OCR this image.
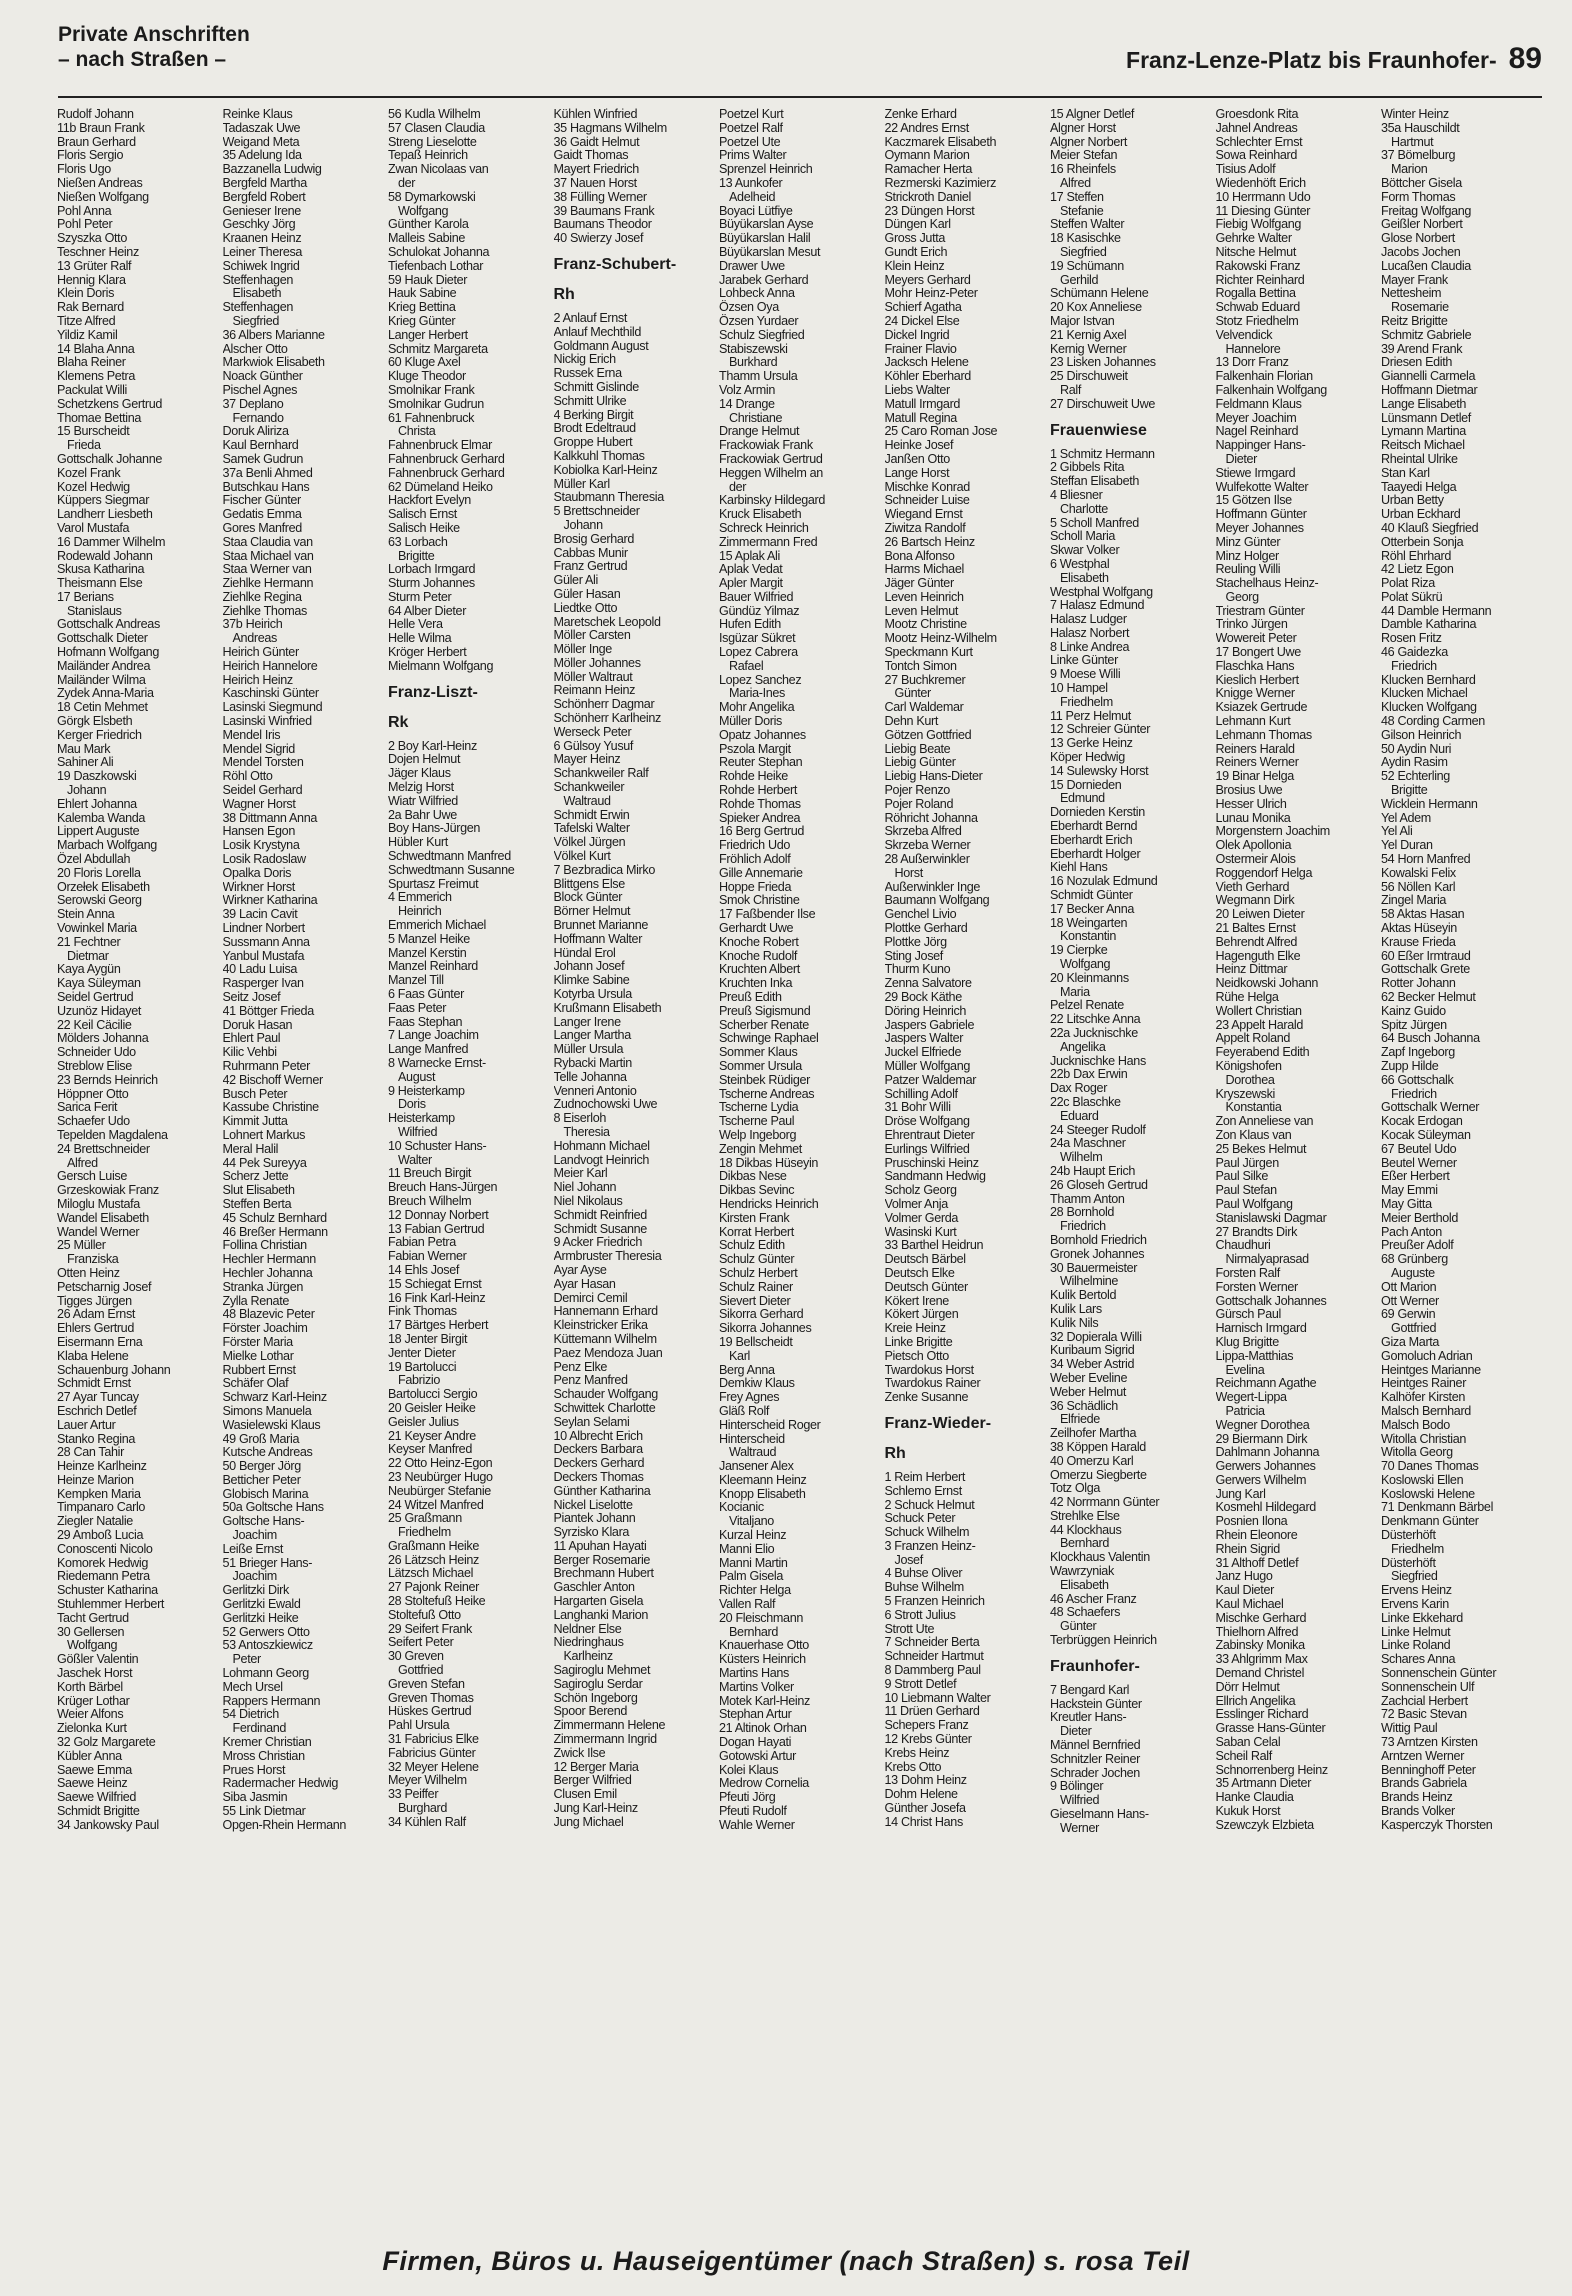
Private Anschriften
– nach Straßen –	Franz-Lenze-Platz bis Fraunhofer- 89
Rudolf Johann
11b Braun Frank
Braun Gerhard
Floris Sergio
Floris Ugo
Nießen Andreas
Nießen Wolfgang
Pohl Anna
Pohl Peter
Szyszka Otto
Teschner Heinz
13 Grüter Ralf
Hennig Klara
Klein Doris
Rak Bernard
Titze Alfred
Yildiz Kamil
14 Blaha Anna
Blaha Reiner
Klemens Petra
Packulat Willi
Schetzkens Gertrud
Thomae Bettina
15 Burscheidt
Frieda
Gottschalk Johanne
Kozel Frank
Kozel Hedwig
Küppers Siegmar
Landherr Liesbeth
Varol Mustafa
16 Dammer Wilhelm
Rodewald Johann
Skusa Katharina
Theismann Else
17 Berians
Stanislaus
Gottschalk Andreas
Gottschalk Dieter
Hofmann Wolfgang
Mailänder Andrea
Mailänder Wilma
Zydek Anna-Maria
18 Cetin Mehmet
Görgk Elsbeth
Kerger Friedrich
Mau Mark
Sahiner Ali
19 Daszkowski
Johann
Ehlert Johanna
Kalemba Wanda
Lippert Auguste
Marbach Wolfgang
Özel Abdullah
20 Floris Lorella
Orzełek Elisabeth
Serowski Georg
Stein Anna
Vowinkel Maria
21 Fechtner
Dietmar
Kaya Aygün
Kaya Süleyman
Seidel Gertrud
Uzunöz Hidayet
22 Keil Cäcilie
Mölders Johanna
Schneider Udo
Streblow Elise
23 Bernds Heinrich
Höppner Otto
Sarica Ferit
Schaefer Udo
Tepelden Magdalena
24 Brettschneider
Alfred
Gersch Luise
Grzeskowiak Franz
Miloglu Mustafa
Wandel Elisabeth
Wandel Werner
25 Müller
Franziska
Otten Heinz
Petscharnig Josef
Tigges Jürgen
26 Adam Ernst
Ehlers Gertrud
Eisermann Erna
Klaba Helene
Schauenburg Johann
Schmidt Ernst
27 Ayar Tuncay
Eschrich Detlef
Lauer Artur
Stanko Regina
28 Can Tahir
Heinze Karlheinz
Heinze Marion
Kempken Maria
Timpanaro Carlo
Ziegler Natalie
29 Amboß Lucia
Conoscenti Nicolo
Komorek Hedwig
Riedemann Petra
Schuster Katharina
Stuhlemmer Herbert
Tacht Gertrud
30 Gellersen
Wolfgang
Gößler Valentin
Jaschek Horst
Korth Bärbel
Krüger Lothar
Weier Alfons
Zielonka Kurt
32 Golz Margarete
Kübler Anna
Saewe Emma
Saewe Heinz
Saewe Wilfried
Schmidt Brigitte
34 Jankowsky Paul
Reinke Klaus
Tadaszak Uwe
Weigand Meta
35 Adelung Ida
Bazzanella Ludwig
Bergfeld Martha
Bergfeld Robert
Genieser Irene
Geschky Jörg
Kraanen Heinz
Leiner Theresa
Schiwek Ingrid
Steffenhagen
Elisabeth
Steffenhagen
Siegfried
36 Albers Marianne
Alscher Otto
Markwiok Elisabeth
Noack Günther
Pischel Agnes
37 Deplano
Fernando
Doruk Aliriza
Kaul Bernhard
Samek Gudrun
37a Benli Ahmed
Butschkau Hans
Fischer Günter
Gedatis Emma
Gores Manfred
Staa Claudia van
Staa Michael van
Staa Werner van
Ziehlke Hermann
Ziehlke Regina
Ziehlke Thomas
37b Heirich
Andreas
Heirich Günter
Heirich Hannelore
Heirich Heinz
Kaschinski Günter
Lasinski Siegmund
Lasinski Winfried
Mendel Iris
Mendel Sigrid
Mendel Torsten
Röhl Otto
Seidel Gerhard
Wagner Horst
38 Dittmann Anna
Hansen Egon
Losik Krystyna
Losik Radoslaw
Opalka Doris
Wirkner Horst
Wirkner Katharina
39 Lacin Cavit
Lindner Norbert
Sussmann Anna
Yanbul Mustafa
40 Ladu Luisa
Rasperger Ivan
Seitz Josef
41 Böttger Frieda
Doruk Hasan
Ehlert Paul
Kilic Vehbi
Ruhrmann Peter
42 Bischoff Werner
Busch Peter
Kassube Christine
Kimmit Jutta
Lohnert Markus
Meral Halil
44 Pek Sureyya
Scherz Jette
Slut Elisabeth
Steffen Berta
45 Schulz Bernhard
46 Breßer Hermann
Follina Christian
Hechler Hermann
Hechler Johanna
Stranka Jürgen
Zylla Renate
48 Blazevic Peter
Förster Joachim
Förster Maria
Mielke Lothar
Rubbert Ernst
Schäfer Olaf
Schwarz Karl-Heinz
Simons Manuela
Wasielewski Klaus
49 Groß Maria
Kutsche Andreas
50 Berger Jörg
Betticher Peter
Globisch Marina
50a Goltsche Hans
Goltsche Hans-
Joachim
Leiße Ernst
51 Brieger Hans-
Joachim
Gerlitzki Dirk
Gerlitzki Ewald
Gerlitzki Heike
52 Gerwers Otto
53 Antoszkiewicz
Peter
Lohmann Georg
Mech Ursel
Rappers Hermann
54 Dietrich
Ferdinand
Kremer Christian
Mross Christian
Prues Horst
Radermacher Hedwig
Siba Jasmin
55 Link Dietmar
Opgen-Rhein Hermann
56 Kudla Wilhelm
57 Clasen Claudia
Streng Lieselotte
Tepaß Heinrich
Zwan Nicolaas van
der
58 Dymarkowski
Wolfgang
Günther Karola
Malleis Sabine
Schulokat Johanna
Tiefenbach Lothar
59 Hauk Dieter
Hauk Sabine
Krieg Bettina
Krieg Günter
Langer Herbert
Schmitz Margareta
60 Kluge Axel
Kluge Theodor
Smolnikar Frank
Smolnikar Gudrun
61 Fahnenbruck
Christa
Fahnenbruck Elmar
Fahnenbruck Gerhard
Fahnenbruck Gerhard
62 Dümeland Heiko
Hackfort Evelyn
Salisch Ernst
Salisch Heike
63 Lorbach
Brigitte
Lorbach Irmgard
Sturm Johannes
Sturm Peter
64 Alber Dieter
Helle Vera
Helle Wilma
Kröger Herbert
Mielmann Wolfgang
Franz-Liszt-
Rk
2 Boy Karl-Heinz
Dojen Helmut
Jäger Klaus
Melzig Horst
Wiatr Wilfried
2a Bahr Uwe
Boy Hans-Jürgen
Hübler Kurt
Schwedtmann Manfred
Schwedtmann Susanne
Spurtasz Freimut
4 Emmerich
Heinrich
Emmerich Michael
5 Manzel Heike
Manzel Kerstin
Manzel Reinhard
Manzel Till
6 Faas Günter
Faas Peter
Faas Stephan
7 Lange Joachim
Lange Manfred
8 Warnecke Ernst-
August
9 Heisterkamp
Doris
Heisterkamp
Wilfried
10 Schuster Hans-
Walter
11 Breuch Birgit
Breuch Hans-Jürgen
Breuch Wilhelm
12 Donnay Norbert
13 Fabian Gertrud
Fabian Petra
Fabian Werner
14 Ehls Josef
15 Schiegat Ernst
16 Fink Karl-Heinz
Fink Thomas
17 Bärtges Herbert
18 Jenter Birgit
Jenter Dieter
19 Bartolucci
Fabrizio
Bartolucci Sergio
20 Geisler Heike
Geisler Julius
21 Keyser Andre
Keyser Manfred
22 Otto Heinz-Egon
23 Neubürger Hugo
Neubürger Stefanie
24 Witzel Manfred
25 Graßmann
Friedhelm
Graßmann Heike
26 Lätzsch Heinz
Lätzsch Michael
27 Pajonk Reiner
28 Stoltefuß Heike
Stoltefuß Otto
29 Seifert Frank
Seifert Peter
30 Greven
Gottfried
Greven Stefan
Greven Thomas
Hüskes Gertrud
Pahl Ursula
31 Fabricius Elke
Fabricius Günter
32 Meyer Helene
Meyer Wilhelm
33 Peiffer
Burghard
34 Kühlen Ralf
Kühlen Winfried
35 Hagmans Wilhelm
36 Gaidt Helmut
Gaidt Thomas
Mayert Friedrich
37 Nauen Horst
38 Fülling Werner
39 Baumans Frank
Baumans Theodor
40 Swierzy Josef
Franz-Schubert-
Rh
2 Anlauf Ernst
Anlauf Mechthild
Goldmann August
Nickig Erich
Russek Erna
Schmitt Gislinde
Schmitt Ulrike
4 Berking Birgit
Brodt Edeltraud
Groppe Hubert
Kalkkuhl Thomas
Kobiolka Karl-Heinz
Müller Karl
Staubmann Theresia
5 Brettschneider
Johann
Brosig Gerhard
Cabbas Munir
Franz Gertrud
Güler Ali
Güler Hasan
Liedtke Otto
Maretschek Leopold
Möller Carsten
Möller Inge
Möller Johannes
Möller Waltraut
Reimann Heinz
Schönherr Dagmar
Schönherr Karlheinz
Werseck Peter
6 Gülsoy Yusuf
Mayer Heinz
Schankweiler Ralf
Schankweiler
Waltraud
Schmidt Erwin
Tafelski Walter
Völkel Jürgen
Völkel Kurt
7 Bezbradica Mirko
Blittgens Else
Block Günter
Börner Helmut
Brunnet Marianne
Hoffmann Walter
Hündal Erol
Johann Josef
Klimke Sabine
Kotyrba Ursula
Krußmann Elisabeth
Langer Irene
Langer Martha
Müller Ursula
Rybacki Martin
Telle Johanna
Venneri Antonio
Zudnochowski Uwe
8 Eiserloh
Theresia
Hohmann Michael
Landvogt Heinrich
Meier Karl
Niel Johann
Niel Nikolaus
Schmidt Reinfried
Schmidt Susanne
9 Acker Friedrich
Armbruster Theresia
Ayar Ayse
Ayar Hasan
Demirci Cemil
Hannemann Erhard
Kleinstricker Erika
Küttemann Wilhelm
Paez Mendoza Juan
Penz Elke
Penz Manfred
Schauder Wolfgang
Schwittek Charlotte
Seylan Selami
10 Albrecht Erich
Deckers Barbara
Deckers Gerhard
Deckers Thomas
Günther Katharina
Nickel Liselotte
Piantek Johann
Syrzisko Klara
11 Apuhan Hayati
Berger Rosemarie
Brechmann Hubert
Gaschler Anton
Hargarten Gisela
Langhanki Marion
Neldner Else
Niedringhaus
Karlheinz
Sagiroglu Mehmet
Sagiroglu Serdar
Schön Ingeborg
Spoor Berend
Zimmermann Helene
Zimmermann Ingrid
Zwick Ilse
12 Berger Maria
Berger Wilfried
Clusen Emil
Jung Karl-Heinz
Jung Michael
Poetzel Kurt
Poetzel Ralf
Poetzel Ute
Prims Walter
Sprenzel Heinrich
13 Aunkofer
Adelheid
Boyaci Lütfiye
Büyükarslan Ayse
Büyükarslan Halil
Büyükarslan Mesut
Drawer Uwe
Jarabek Gerhard
Lohbeck Anna
Özsen Oya
Özsen Yurdaer
Schulz Siegfried
Stabiszewski
Burkhard
Thamm Ursula
Volz Armin
14 Drange
Christiane
Drange Helmut
Frackowiak Frank
Frackowiak Gertrud
Heggen Wilhelm an
der
Karbinsky Hildegard
Kruck Elisabeth
Schreck Heinrich
Zimmermann Fred
15 Aplak Ali
Aplak Vedat
Apler Margit
Bauer Wilfried
Gündüz Yilmaz
Hufen Edith
Isgüzar Sükret
Lopez Cabrera
Rafael
Lopez Sanchez
Maria-Ines
Mohr Angelika
Müller Doris
Opatz Johannes
Pszola Margit
Reuter Stephan
Rohde Heike
Rohde Herbert
Rohde Thomas
Spieker Andrea
16 Berg Gertrud
Friedrich Udo
Fröhlich Adolf
Gille Annemarie
Hoppe Frieda
Smok Christine
17 Faßbender Ilse
Gerhardt Uwe
Knoche Robert
Knoche Rudolf
Kruchten Albert
Kruchten Inka
Preuß Edith
Preuß Sigismund
Scherber Renate
Schwinge Raphael
Sommer Klaus
Sommer Ursula
Steinbek Rüdiger
Tscherne Andreas
Tscherne Lydia
Tscherne Paul
Welp Ingeborg
Zengin Mehmet
18 Dikbas Hüseyin
Dikbas Nese
Dikbas Sevinc
Hendricks Heinrich
Kirsten Frank
Korrat Herbert
Schulz Edith
Schulz Günter
Schulz Herbert
Schulz Rainer
Sievert Dieter
Sikorra Gerhard
Sikorra Johannes
19 Bellscheidt
Karl
Berg Anna
Demkiw Klaus
Frey Agnes
Gläß Rolf
Hinterscheid Roger
Hinterscheid
Waltraud
Jansener Alex
Kleemann Heinz
Knopp Elisabeth
Kocianic
Vitaljano
Kurzal Heinz
Manni Elio
Manni Martin
Palm Gisela
Richter Helga
Vallen Ralf
20 Fleischmann
Bernhard
Knauerhase Otto
Küsters Heinrich
Martins Hans
Martins Volker
Motek Karl-Heinz
Stephan Artur
21 Altinok Orhan
Dogan Hayati
Gotowski Artur
Kolei Klaus
Medrow Cornelia
Pfeuti Jörg
Pfeuti Rudolf
Wahle Werner
Zenke Erhard
22 Andres Ernst
Kaczmarek Elisabeth
Oymann Marion
Ramacher Herta
Rezmerski Kazimierz
Strickroth Daniel
23 Düngen Horst
Düngen Karl
Gross Jutta
Gundt Erich
Klein Heinz
Meyers Gerhard
Mohr Heinz-Peter
Schierf Agatha
24 Dickel Else
Dickel Ingrid
Frainer Flavio
Jacksch Helene
Köhler Eberhard
Liebs Walter
Matull Irmgard
Matull Regina
25 Caro Roman Jose
Heinke Josef
Janßen Otto
Lange Horst
Mischke Konrad
Schneider Luise
Wiegand Ernst
Ziwitza Randolf
26 Bartsch Heinz
Bona Alfonso
Harms Michael
Jäger Günter
Leven Heinrich
Leven Helmut
Mootz Christine
Mootz Heinz-Wilhelm
Speckmann Kurt
Tontch Simon
27 Buchkremer
Günter
Carl Waldemar
Dehn Kurt
Götzen Gottfried
Liebig Beate
Liebig Günter
Liebig Hans-Dieter
Pojer Renzo
Pojer Roland
Röhricht Johanna
Skrzeba Alfred
Skrzeba Werner
28 Außerwinkler
Horst
Außerwinkler Inge
Baumann Wolfgang
Genchel Livio
Plottke Gerhard
Plottke Jörg
Sting Josef
Thurm Kuno
Zenna Salvatore
29 Bock Käthe
Döring Heinrich
Jaspers Gabriele
Jaspers Walter
Juckel Elfriede
Müller Wolfgang
Patzer Waldemar
Schilling Adolf
31 Bohr Willi
Dröse Wolfgang
Ehrentraut Dieter
Eurlings Wilfried
Pruschinski Heinz
Sandmann Hedwig
Scholz Georg
Volmer Anja
Volmer Gerda
Wasinski Kurt
33 Barthel Heidrun
Deutsch Bärbel
Deutsch Elke
Deutsch Günter
Kökert Irene
Kökert Jürgen
Kreie Heinz
Linke Brigitte
Pietsch Otto
Twardokus Horst
Twardokus Rainer
Zenke Susanne
Franz-Wieder-
Rh
1 Reim Herbert
Schlemo Ernst
2 Schuck Helmut
Schuck Peter
Schuck Wilhelm
3 Franzen Heinz-
Josef
4 Buhse Oliver
Buhse Wilhelm
5 Franzen Heinrich
6 Strott Julius
Strott Ute
7 Schneider Berta
Schneider Hartmut
8 Dammberg Paul
9 Strott Detlef
10 Liebmann Walter
11 Drüen Gerhard
Schepers Franz
12 Krebs Günter
Krebs Heinz
Krebs Otto
13 Dohm Heinz
Dohm Helene
Günther Josefa
14 Christ Hans
15 Algner Detlef
Algner Horst
Algner Norbert
Meier Stefan
16 Rheinfels
Alfred
17 Steffen
Stefanie
Steffen Walter
18 Kasischke
Siegfried
19 Schümann
Gerhild
Schümann Helene
20 Kox Anneliese
Major Istvan
21 Kernig Axel
Kernig Werner
23 Lisken Johannes
25 Dirschuweit
Ralf
27 Dirschuweit Uwe
Frauenwiese
1 Schmitz Hermann
2 Gibbels Rita
Steffan Elisabeth
4 Bliesner
Charlotte
5 Scholl Manfred
Scholl Maria
Skwar Volker
6 Westphal
Elisabeth
Westphal Wolfgang
7 Halasz Edmund
Halasz Ludger
Halasz Norbert
8 Linke Andrea
Linke Günter
9 Moese Willi
10 Hampel
Friedhelm
11 Perz Helmut
12 Schreier Günter
13 Gerke Heinz
Köper Hedwig
14 Sulewsky Horst
15 Dornieden
Edmund
Dornieden Kerstin
Eberhardt Bernd
Eberhardt Erich
Eberhardt Holger
Kiehl Hans
16 Nozulak Edmund
Schmidt Günter
17 Becker Anna
18 Weingarten
Konstantin
19 Cierpke
Wolfgang
20 Kleinmanns
Maria
Pelzel Renate
22 Litschke Anna
22a Jucknischke
Angelika
Jucknischke Hans
22b Dax Erwin
Dax Roger
22c Blaschke
Eduard
24 Steeger Rudolf
24a Maschner
Wilhelm
24b Haupt Erich
26 Gloseh Gertrud
Thamm Anton
28 Bornhold
Friedrich
Bornhold Friedrich
Gronek Johannes
30 Bauermeister
Wilhelmine
Kulik Bertold
Kulik Lars
Kulik Nils
32 Dopierala Willi
Kuribaum Sigrid
34 Weber Astrid
Weber Eveline
Weber Helmut
36 Schädlich
Elfriede
Zeilhofer Martha
38 Köppen Harald
40 Omerzu Karl
Omerzu Siegberte
Totz Olga
42 Norrmann Günter
Strehlke Else
44 Klockhaus
Bernhard
Klockhaus Valentin
Wawrzyniak
Elisabeth
46 Ascher Franz
48 Schaefers
Günter
Terbrüggen Heinrich
Fraunhofer-
7 Bengard Karl
Hackstein Günter
Kreutler Hans-
Dieter
Männel Bernfried
Schnitzler Reiner
Schrader Jochen
9 Bölinger
Wilfried
Gieselmann Hans-
Werner
Groesdonk Rita
Jahnel Andreas
Schlechter Ernst
Sowa Reinhard
Tisius Adolf
Wiedenhöft Erich
10 Herrmann Udo
11 Diesing Günter
Fiebig Wolfgang
Gehrke Walter
Nitsche Helmut
Rakowski Franz
Richter Reinhard
Rogalla Bettina
Schwab Eduard
Stotz Friedhelm
Velvendick
Hannelore
13 Dorr Franz
Falkenhain Florian
Falkenhain Wolfgang
Feldmann Klaus
Meyer Joachim
Nagel Reinhard
Nappinger Hans-
Dieter
Stiewe Irmgard
Wulfekotte Walter
15 Götzen Ilse
Hoffmann Günter
Meyer Johannes
Minz Günter
Minz Holger
Reuling Willi
Stachelhaus Heinz-
Georg
Triestram Günter
Trinko Jürgen
Wowereit Peter
17 Bongert Uwe
Flaschka Hans
Kieslich Herbert
Knigge Werner
Ksiazek Gertrude
Lehmann Kurt
Lehmann Thomas
Reiners Harald
Reiners Werner
19 Binar Helga
Brosius Uwe
Hesser Ulrich
Lunau Monika
Morgenstern Joachim
Olek Apollonia
Ostermeir Alois
Roggendorf Helga
Vieth Gerhard
Wegmann Dirk
20 Leiwen Dieter
21 Baltes Ernst
Behrendt Alfred
Hagenguth Elke
Heinz Dittmar
Neidkowski Johann
Rühe Helga
Wollert Christian
23 Appelt Harald
Appelt Roland
Feyerabend Edith
Königshofen
Dorothea
Kryszewski
Konstantia
Zon Anneliese van
Zon Klaus van
25 Bekes Helmut
Paul Jürgen
Paul Silke
Paul Stefan
Paul Wolfgang
Stanislawski Dagmar
27 Brandts Dirk
Chaudhuri
Nirmalyaprasad
Forsten Ralf
Forsten Werner
Gottschalk Johannes
Gürsch Paul
Harnisch Irmgard
Klug Brigitte
Lippa-Matthias
Evelina
Reichmann Agathe
Wegert-Lippa
Patricia
Wegner Dorothea
29 Biermann Dirk
Dahlmann Johanna
Gerwers Johannes
Gerwers Wilhelm
Jung Karl
Kosmehl Hildegard
Posnien Ilona
Rhein Eleonore
Rhein Sigrid
31 Althoff Detlef
Janz Hugo
Kaul Dieter
Kaul Michael
Mischke Gerhard
Thielhorn Alfred
Zabinsky Monika
33 Ahlgrimm Max
Demand Christel
Dörr Helmut
Ellrich Angelika
Esslinger Richard
Grasse Hans-Günter
Saban Celal
Scheil Ralf
Schnorrenberg Heinz
35 Artmann Dieter
Hanke Claudia
Kukuk Horst
Szewczyk Elzbieta
Winter Heinz
35a Hauschildt
Hartmut
37 Bömelburg
Marion
Böttcher Gisela
Form Thomas
Freitag Wolfgang
Geißler Norbert
Glose Norbert
Jacobs Jochen
Lucaßen Claudia
Mayer Frank
Nettesheim
Rosemarie
Reitz Brigitte
Schmitz Gabriele
39 Arend Frank
Driesen Edith
Giannelli Carmela
Hoffmann Dietmar
Lange Elisabeth
Lünsmann Detlef
Lymann Martina
Reitsch Michael
Rheintal Ulrike
Stan Karl
Taayedi Helga
Urban Betty
Urban Eckhard
40 Klauß Siegfried
Otterbein Sonja
Röhl Ehrhard
42 Lietz Egon
Polat Riza
Polat Sükrü
44 Damble Hermann
Damble Katharina
Rosen Fritz
46 Gaidezka
Friedrich
Klucken Bernhard
Klucken Michael
Klucken Wolfgang
48 Cording Carmen
Gilson Heinrich
50 Aydin Nuri
Aydin Rasim
52 Echterling
Brigitte
Wicklein Hermann
Yel Adem
Yel Ali
Yel Duran
54 Horn Manfred
Kowalski Felix
56 Nöllen Karl
Zingel Maria
58 Aktas Hasan
Aktas Hüseyin
Krause Frieda
60 Eßer Irmtraud
Gottschalk Grete
Rotter Johann
62 Becker Helmut
Kainz Guido
Spitz Jürgen
64 Busch Johanna
Zapf Ingeborg
Zupp Hilde
66 Gottschalk
Friedrich
Gottschalk Werner
Kocak Erdogan
Kocak Süleyman
67 Beutel Udo
Beutel Werner
Eßer Herbert
May Emmi
May Gitta
Meier Berthold
Pach Anton
Preußer Adolf
68 Grünberg
Auguste
Ott Marion
Ott Werner
69 Gerwin
Gottfried
Giza Marta
Gomoluch Adrian
Heintges Marianne
Heintges Rainer
Kalhöfer Kirsten
Malsch Bernhard
Malsch Bodo
Witolla Christian
Witolla Georg
70 Danes Thomas
Koslowski Ellen
Koslowski Helene
71 Denkmann Bärbel
Denkmann Günter
Düsterhöft
Friedhelm
Düsterhöft
Siegfried
Ervens Heinz
Ervens Karin
Linke Ekkehard
Linke Helmut
Linke Roland
Schares Anna
Sonnenschein Günter
Sonnenschein Ulf
Zachcial Herbert
72 Basic Stevan
Wittig Paul
73 Arntzen Kirsten
Arntzen Werner
Benninghoff Peter
Brands Gabriela
Brands Heinz
Brands Volker
Kasperczyk Thorsten
Firmen, Büros u. Hauseigentümer (nach Straßen) s. rosa Teil
